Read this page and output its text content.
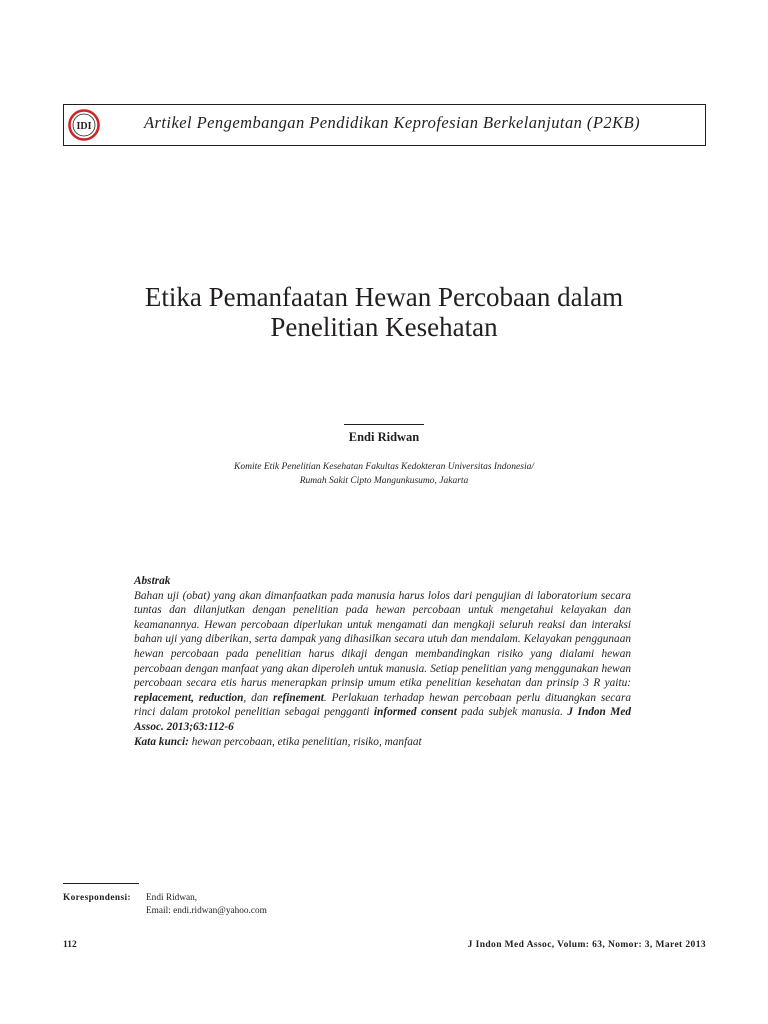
IDI	Artikel Pengembangan Pendidikan Keprofesian Berkelanjutan (P2KB)
Etika Pemanfaatan Hewan Percobaan dalam
Penelitian Kesehatan
Endi Ridwan
Komite Etik Penelitian Kesehatan Fakultas Kedokteran Universitas Indonesia/
Rumah Sakit Cipto Mangunkusumo, Jakarta
Abstrak
Bahan uji (obat) yang akan dimanfaatkan pada manusia harus lolos dari pengujian di laboratorium secara tuntas dan dilanjutkan dengan penelitian pada hewan percobaan untuk mengetahui kelayakan dan keamanannya. Hewan percobaan diperlukan untuk mengamati dan mengkaji seluruh reaksi dan interaksi bahan uji yang diberikan, serta dampak yang dihasilkan secara utuh dan mendalam. Kelayakan penggunaan hewan percobaan pada penelitian harus dikaji dengan membandingkan risiko yang dialami hewan percobaan dengan manfaat yang akan diperoleh untuk manusia. Setiap penelitian yang menggunakan hewan percobaan secara etis harus menerapkan prinsip umum etika penelitian kesehatan dan prinsip 3 R yaitu: replacement, reduction, dan refinement. Perlakuan terhadap hewan percobaan perlu dituangkan secara rinci dalam protokol penelitian sebagai pengganti informed consent pada subjek manusia. J Indon Med Assoc. 2013;63:112-6
Kata kunci: hewan percobaan, etika penelitian, risiko, manfaat
Korespondensi: Endi Ridwan,
Email: endi.ridwan@yahoo.com
112	J Indon Med Assoc, Volum: 63, Nomor: 3, Maret 2013
